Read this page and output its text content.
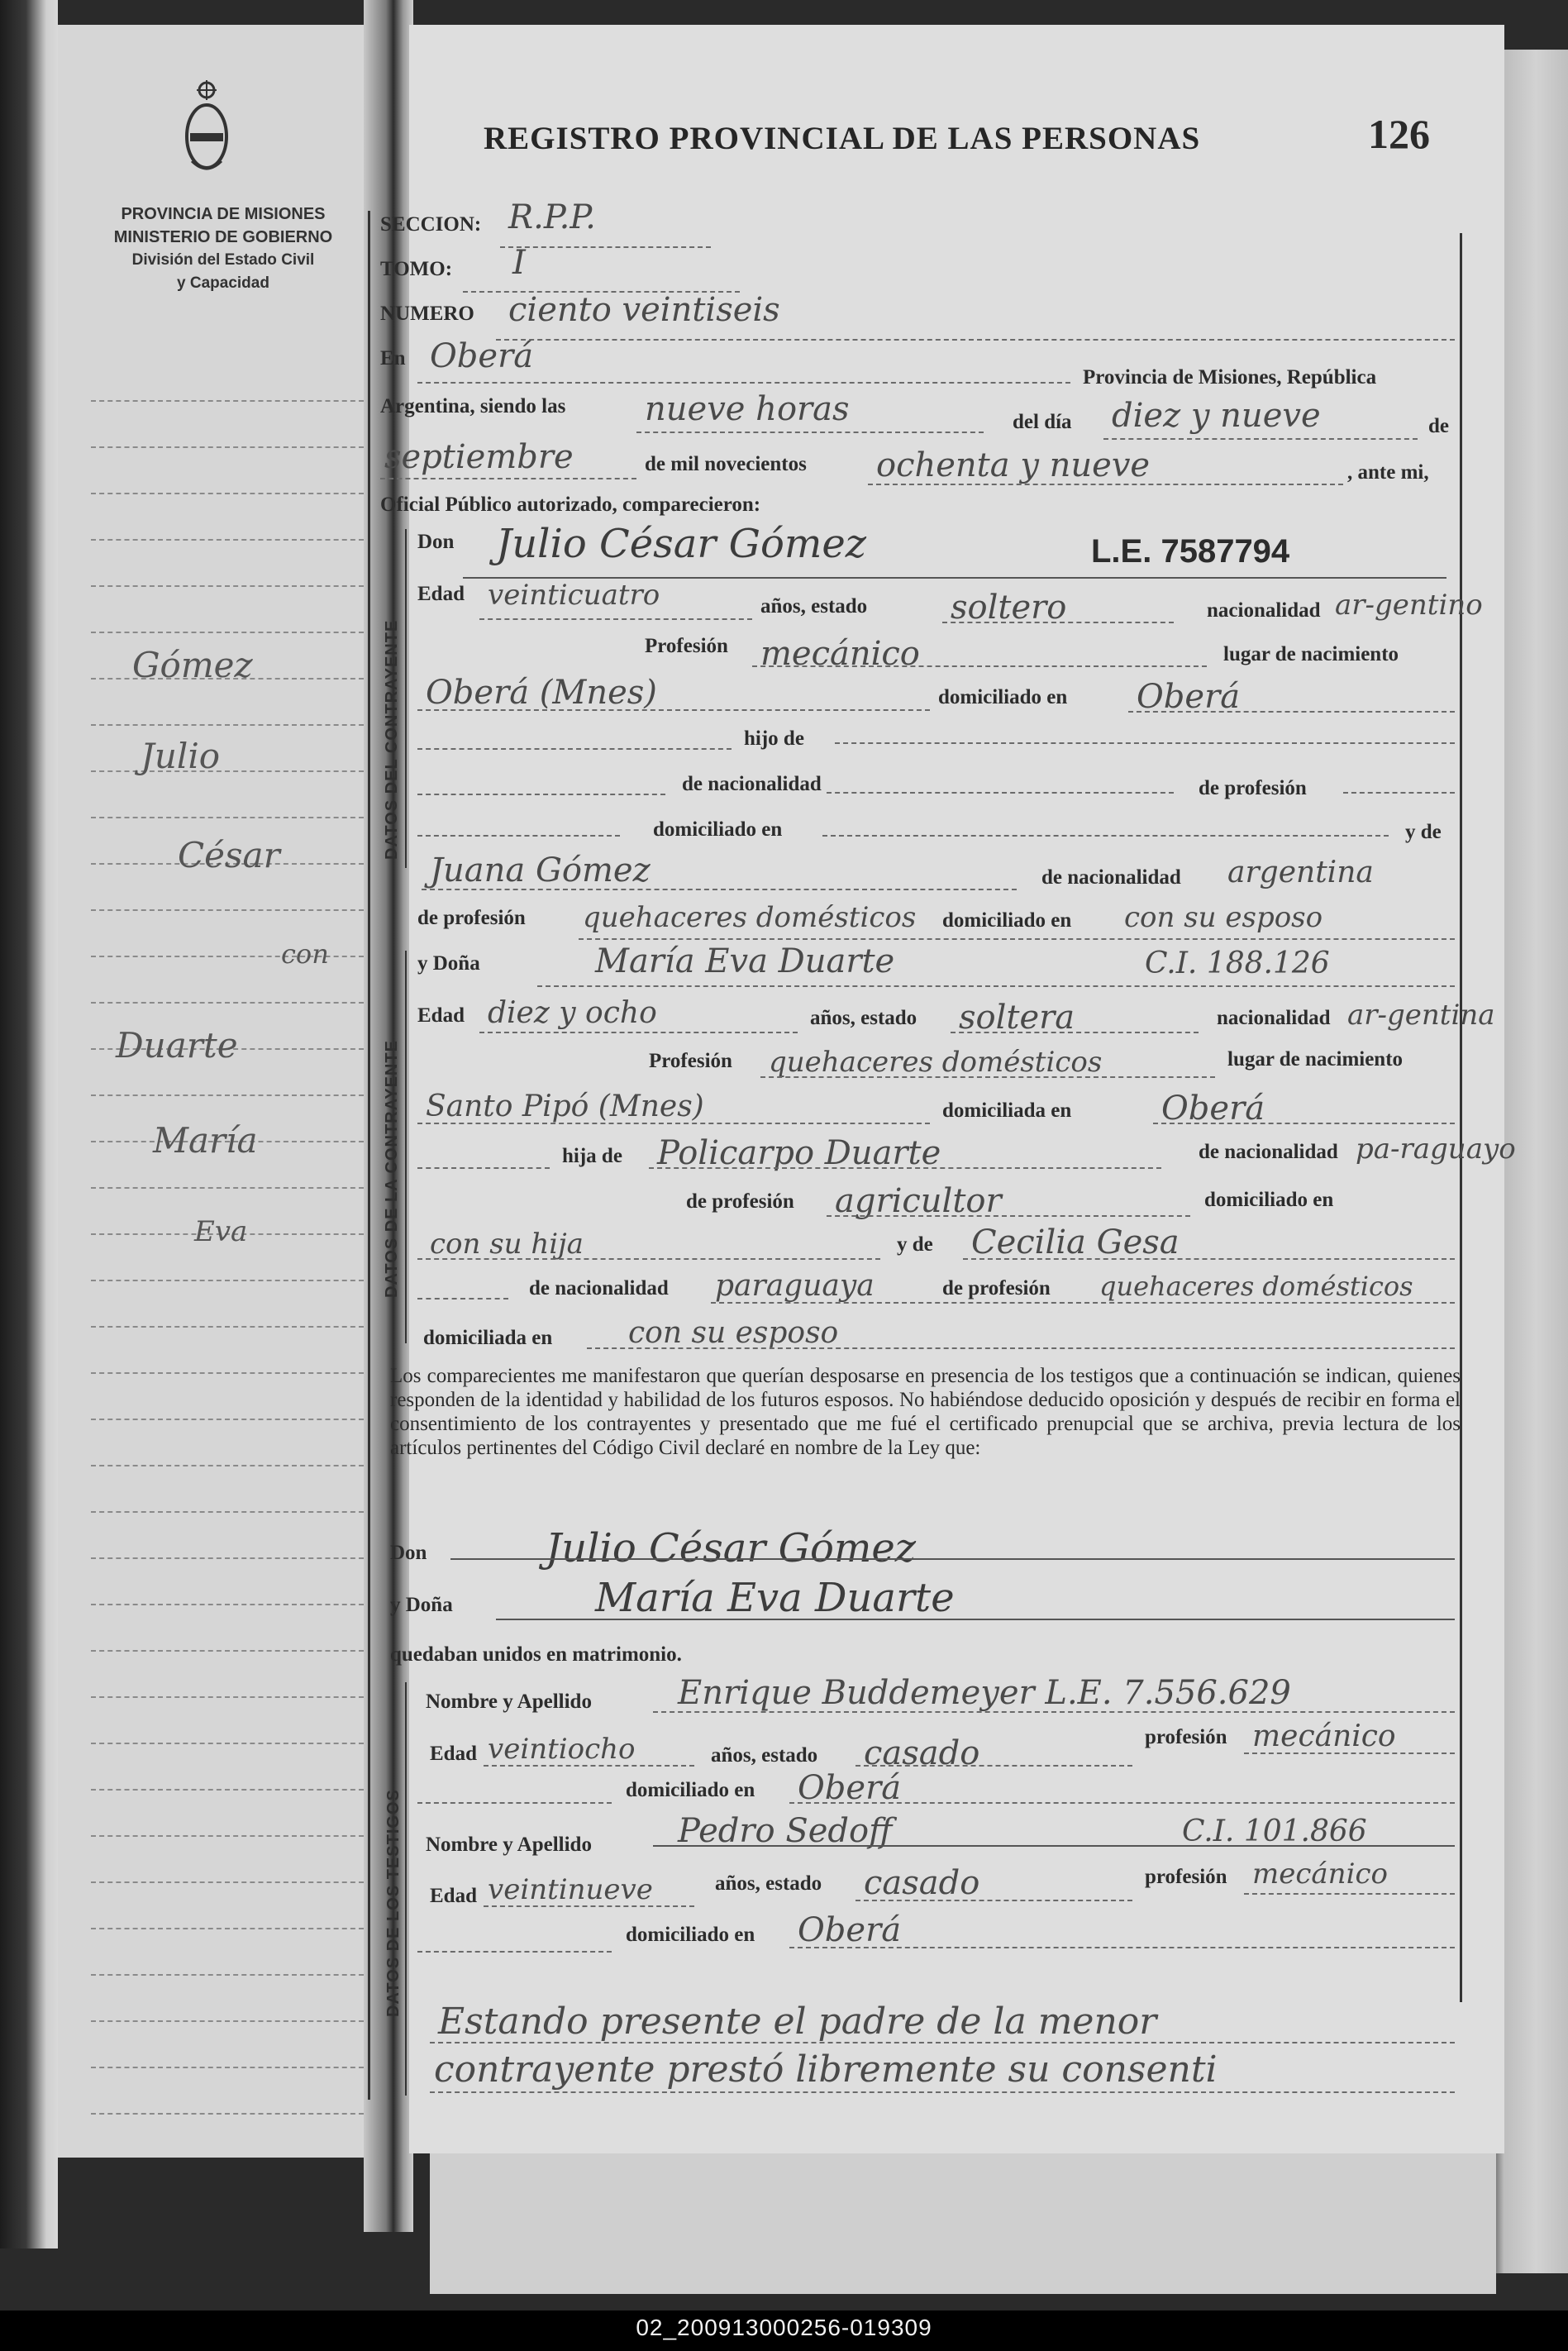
PROVINCIA DE MISIONES
MINISTERIO DE GOBIERNO
División del Estado Civil
y Capacidad
Gómez
Julio
César
con
Duarte
María
Eva
REGISTRO PROVINCIAL DE LAS PERSONAS	126
SECCION: R.P.P.
TOMO: I
NUMERO ciento veintiseis
En Oberá
Provincia de Misiones, República
Argentina, siendo las nueve horas	del día diez y nueve	de
septiembre	de mil novecientos ochenta y nueve	, ante mi,
Oficial Público autorizado, comparecieron:
DATOS DEL CONTRAYENTE
Don Julio César Gómez	L.E. 7587794
Edad veinticuatro	años, estado	soltero	nacionalidad ar-gentino
Profesión mecánico	lugar de nacimiento
Oberá (Mnes)	domiciliado en Oberá
hijo de
de nacionalidad	de profesión
domiciliado en	y de
Juana Gómez	de nacionalidad argentina
de profesión quehaceres domésticos domiciliado en con su esposo
DATOS DE LA CONTRAYENTE
y Doña	María Eva Duarte	C.I. 188.126
Edad diez y ocho	años, estado soltera	nacionalidad ar-gentina
Profesión quehaceres domésticos	lugar de nacimiento
Santo Pipó (Mnes)	domiciliada en	Oberá
hija de Policarpo Duarte	de nacionalidad pa-raguayo
de profesión agricultor	domiciliado en
con su hija	y de Cecilia Gesa
de nacionalidad paraguaya	de profesión quehaceres domésticos
domiciliada en	con su esposo
Los comparecientes me manifestaron que querían desposarse en presencia de los testigos que a continuación se indican, quienes responden de la identidad y habilidad de los futuros esposos. No habiéndose deducido oposición y después de recibir en forma el consentimiento de los contrayentes y presentado que me fué el certificado prenupcial que se archiva, previa lectura de los artículos pertinentes del Código Civil declaré en nombre de la Ley que:
Don	Julio César Gómez
y Doña	María Eva Duarte
quedaban unidos en matrimonio.
DATOS DE LOS TESTIGOS
Nombre y Apellido	Enrique Buddemeyer L.E. 7.556.629
Edad veintiocho	años, estado casado	profesión mecánico
domiciliado en Oberá
Nombre y Apellido	Pedro Sedoff	C.I. 101.866
Edad veintinueve	años, estado casado	profesión mecánico
domiciliado en Oberá
Estando presente el padre de la menor
contrayente prestó libremente su consenti
02_200913000256-019309
